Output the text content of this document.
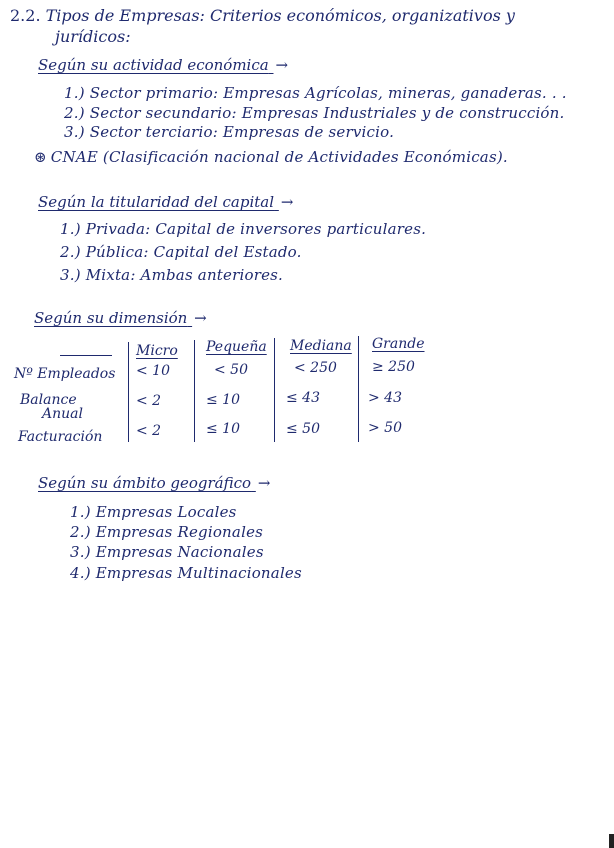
2.2. Tipos de Empresas: Criterios económicos, organizativos y
jurídicos:
Según su actividad económica →
1.) Sector primario: Empresas Agrícolas, mineras, ganaderas. . .
2.) Sector secundario: Empresas Industriales y de construcción.
3.) Sector terciario: Empresas de servicio.
⊛ CNAE (Clasificación nacional de Actividades Económicas).
Según la titularidad del capital →
1.) Privada: Capital de inversores particulares.
2.) Pública: Capital del Estado.
3.) Mixta: Ambas anteriores.
Según su dimensión →
Micro Pequeña Mediana Grande
Nº Empleados < 10	< 50	< 250	≥ 250
Balance
Anual
< 2	≤ 10	≤ 43	> 43
Facturación < 2	≤ 10	≤ 50	> 50
Según su ámbito geográfico →
1.) Empresas Locales
2.) Empresas Regionales
3.) Empresas Nacionales
4.) Empresas Multinacionales
